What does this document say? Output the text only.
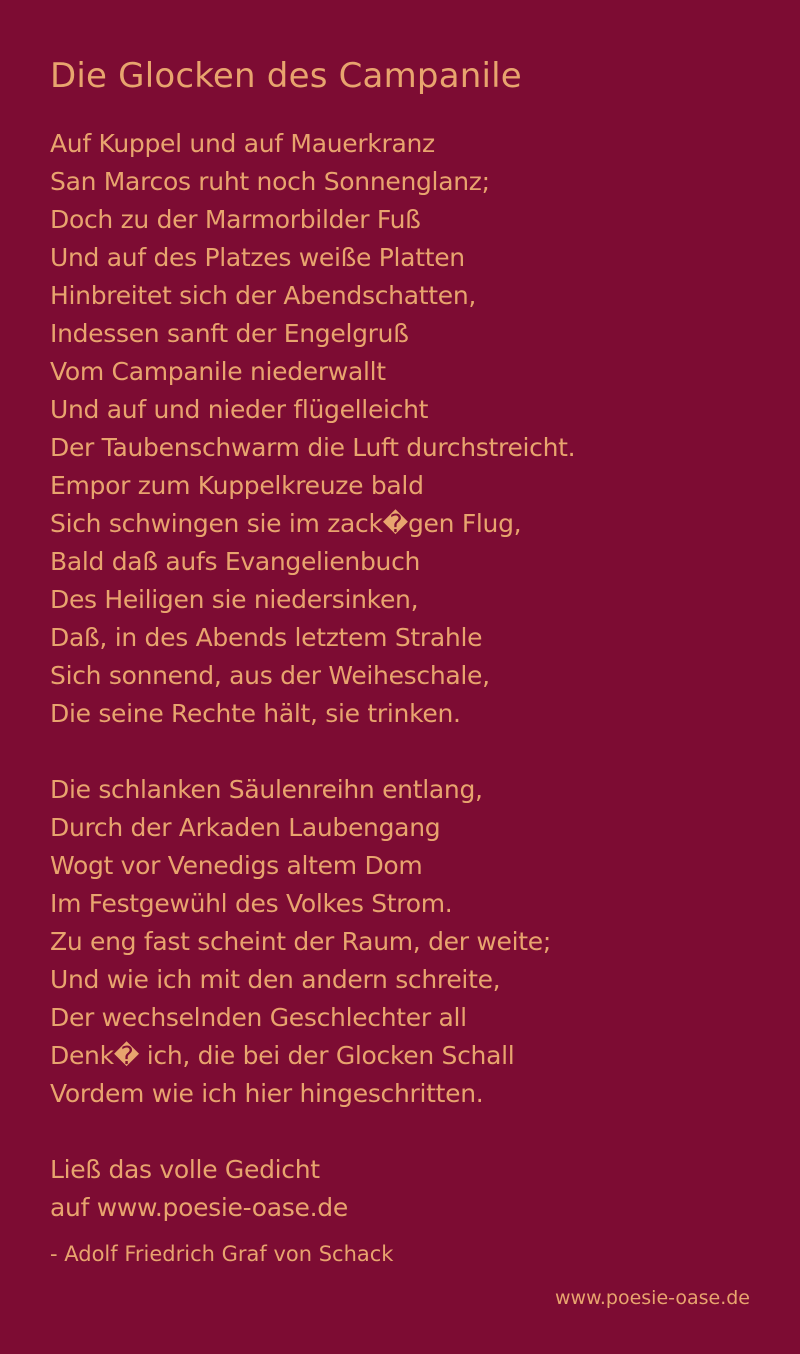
Die Glocken des Campanile
Auf Kuppel und auf Mauerkranz
San Marcos ruht noch Sonnenglanz;
Doch zu der Marmorbilder Fuß
Und auf des Platzes weiße Platten
Hinbreitet sich der Abendschatten,
Indessen sanft der Engelgruß
Vom Campanile niederwallt
Und auf und nieder flügelleicht
Der Taubenschwarm die Luft durchstreicht.
Empor zum Kuppelkreuze bald
Sich schwingen sie im zack�gen Flug,
Bald daß aufs Evangelienbuch
Des Heiligen sie niedersinken,
Daß, in des Abends letztem Strahle
Sich sonnend, aus der Weiheschale,
Die seine Rechte hält, sie trinken.
Die schlanken Säulenreihn entlang,
Durch der Arkaden Laubengang
Wogt vor Venedigs altem Dom
Im Festgewühl des Volkes Strom.
Zu eng fast scheint der Raum, der weite;
Und wie ich mit den andern schreite,
Der wechselnden Geschlechter all
Denk� ich, die bei der Glocken Schall
Vordem wie ich hier hingeschritten.
Ließ das volle Gedicht
auf www.poesie-oase.de
- Adolf Friedrich Graf von Schack
www.poesie-oase.de
